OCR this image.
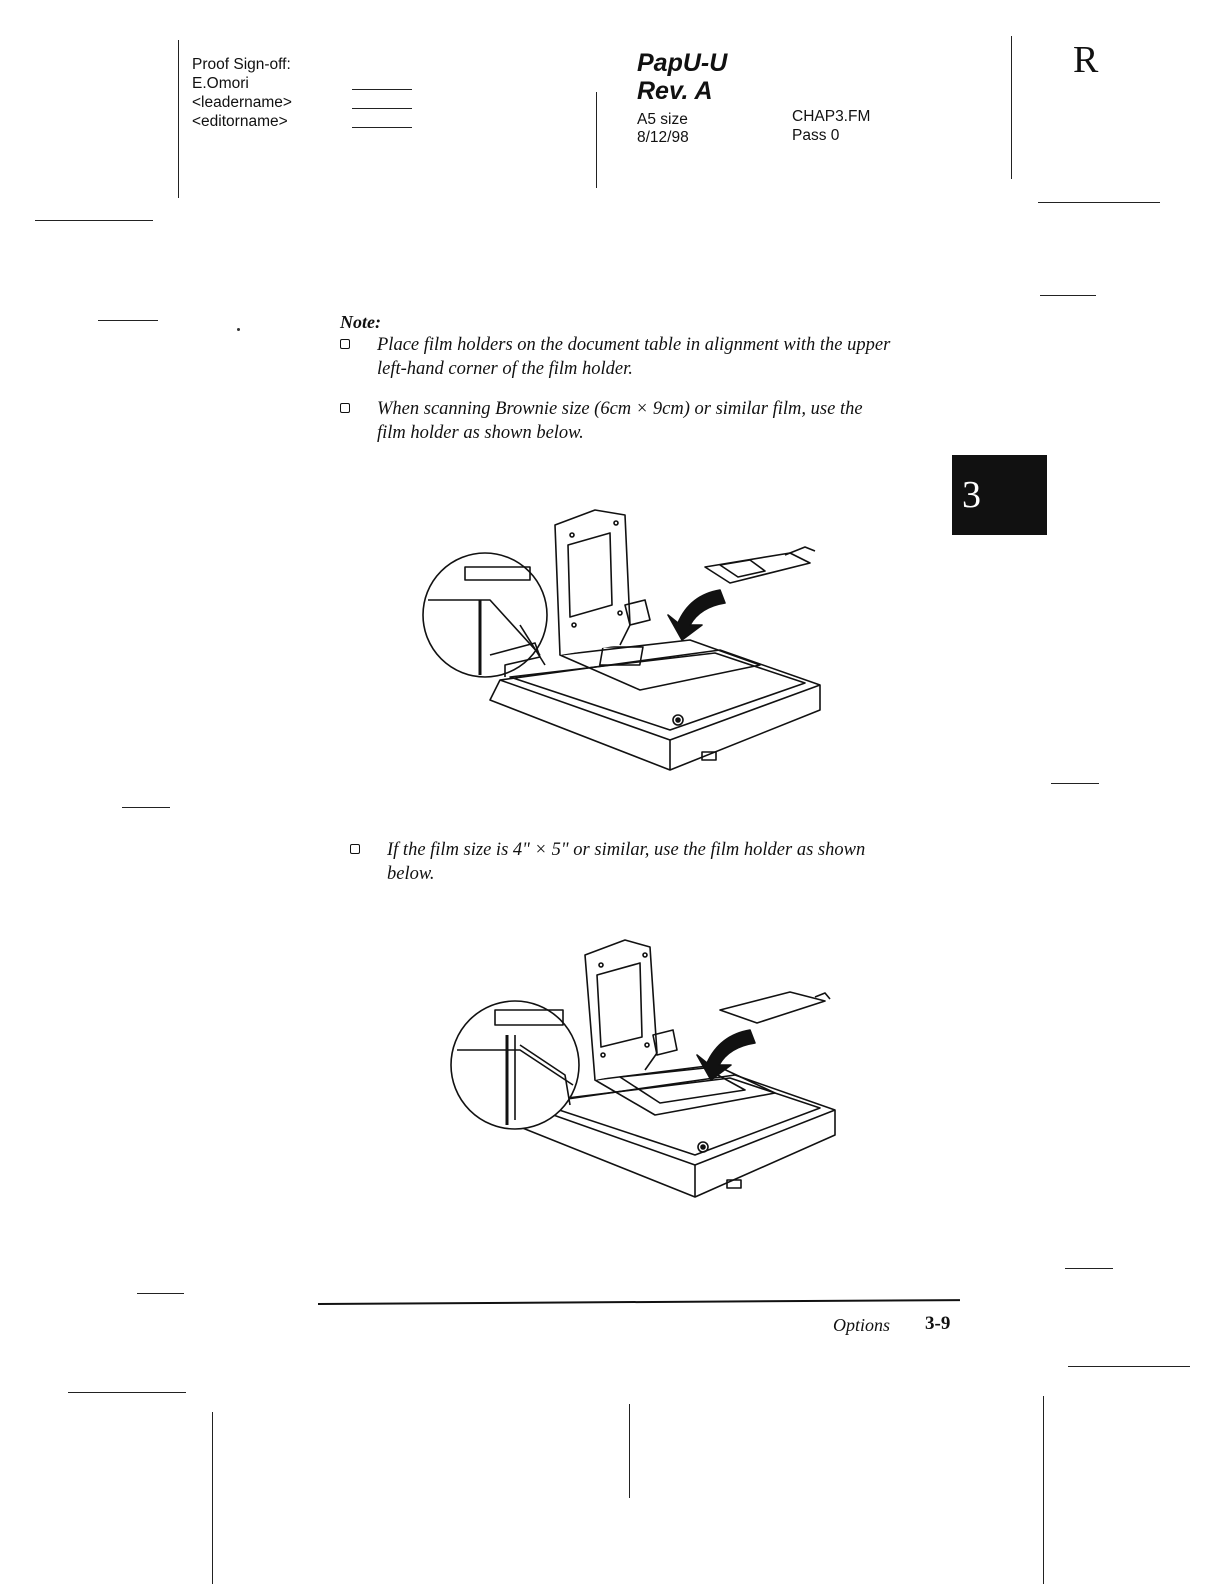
Proof Sign-off:
E.Omori
<leadername>
<editorname>
PapU-U
Rev. A
A5 size
8/12/98
CHAP3.FM
Pass 0
R
3
Note:
Place film holders on the document table in alignment with the upper
left-hand corner of the film holder.
When scanning Brownie size (6cm × 9cm) or similar film, use the
film holder as shown below.
If the film size is 4" × 5" or similar, use the film holder as shown
below.
Options 3-9
